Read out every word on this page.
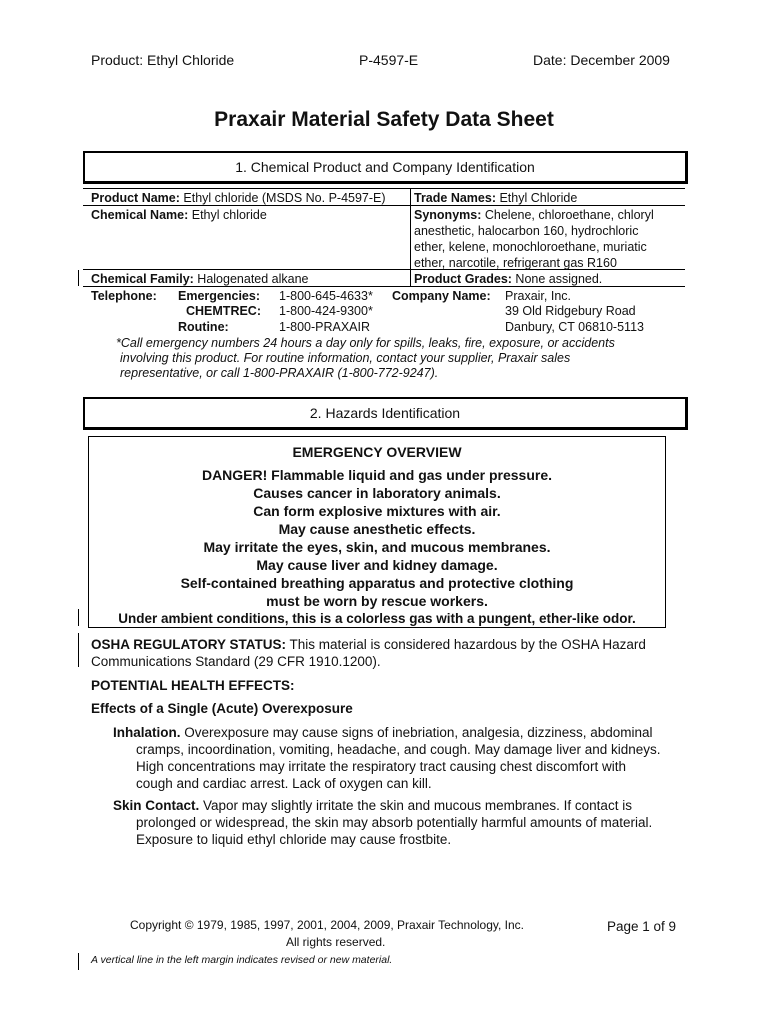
Product: Ethyl Chloride	P-4597-E	Date: December 2009
Praxair Material Safety Data Sheet
1. Chemical Product and Company Identification
Product Name: Ethyl chloride (MSDS No. P-4597-E) Trade Names: Ethyl Chloride
Chemical Name: Ethyl chloride	Synonyms: Chelene, chloroethane, chloryl
anesthetic, halocarbon 160, hydrochloric
ether, kelene, monochloroethane, muriatic
ether, narcotile, refrigerant gas R160
Chemical Family: Halogenated alkane	Product Grades: None assigned.
Telephone: Emergencies: 1-800-645-4633*
CHEMTREC: 1-800-424-9300*
Routine:	1-800-PRAXAIR
Company Name: Praxair, Inc.
39 Old Ridgebury Road
Danbury, CT 06810-5113
*Call emergency numbers 24 hours a day only for spills, leaks, fire, exposure, or accidents
involving this product. For routine information, contact your supplier, Praxair sales
representative, or call 1-800-PRAXAIR (1-800-772-9247).
2. Hazards Identification
EMERGENCY OVERVIEW
DANGER! Flammable liquid and gas under pressure.
Causes cancer in laboratory animals.
Can form explosive mixtures with air.
May cause anesthetic effects.
May irritate the eyes, skin, and mucous membranes.
May cause liver and kidney damage.
Self-contained breathing apparatus and protective clothing
must be worn by rescue workers.
Under ambient conditions, this is a colorless gas with a pungent, ether-like odor.
OSHA REGULATORY STATUS: This material is considered hazardous by the OSHA Hazard
Communications Standard (29 CFR 1910.1200).
POTENTIAL HEALTH EFFECTS:
Effects of a Single (Acute) Overexposure
Inhalation. Overexposure may cause signs of inebriation, analgesia, dizziness, abdominal
cramps, incoordination, vomiting, headache, and cough. May damage liver and kidneys.
High concentrations may irritate the respiratory tract causing chest discomfort with
cough and cardiac arrest. Lack of oxygen can kill.
Skin Contact. Vapor may slightly irritate the skin and mucous membranes. If contact is
prolonged or widespread, the skin may absorb potentially harmful amounts of material.
Exposure to liquid ethyl chloride may cause frostbite.
Copyright © 1979, 1985, 1997, 2001, 2004, 2009, Praxair Technology, Inc.
All rights reserved.
Page 1 of 9
A vertical line in the left margin indicates revised or new material.
